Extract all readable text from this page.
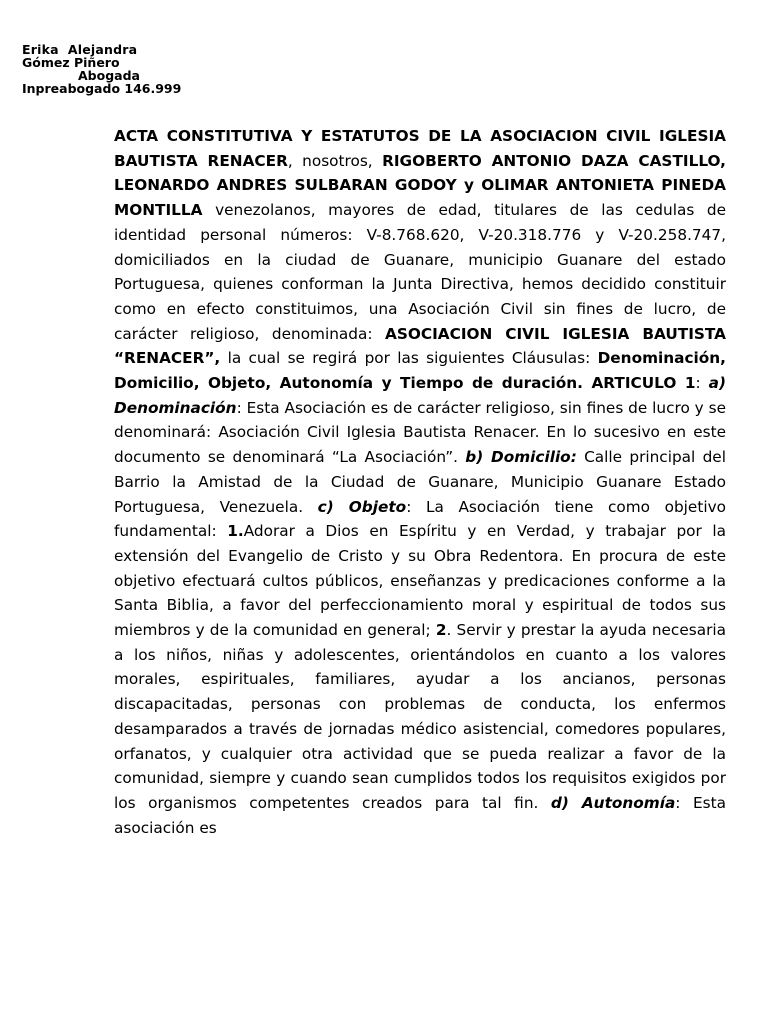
Erika  Alejandra
Gómez Piñero
Abogada
Inpreabogado 146.999
ACTA CONSTITUTIVA Y ESTATUTOS DE LA ASOCIACION CIVIL IGLESIA BAUTISTA RENACER, nosotros, RIGOBERTO ANTONIO DAZA CASTILLO, LEONARDO ANDRES SULBARAN GODOY y OLIMAR ANTONIETA PINEDA MONTILLA venezolanos, mayores de edad, titulares de las cedulas de identidad personal números: V-8.768.620, V-20.318.776 y V-20.258.747, domiciliados en la ciudad de Guanare, municipio Guanare del estado Portuguesa, quienes conforman la Junta Directiva, hemos decidido constituir como en efecto constituimos, una Asociación Civil sin fines de lucro, de carácter religioso, denominada: ASOCIACION CIVIL IGLESIA BAUTISTA “RENACER”, la cual se regirá por las siguientes Cláusulas: Denominación, Domicilio, Objeto, Autonomía y Tiempo de duración. ARTICULO 1: a) Denominación: Esta Asociación es de carácter religioso, sin fines de lucro y se denominará: Asociación Civil Iglesia Bautista Renacer. En lo sucesivo en este documento se denominará “La Asociación”. b) Domicilio: Calle principal del Barrio la Amistad de la Ciudad de Guanare, Municipio Guanare Estado Portuguesa, Venezuela. c) Objeto: La Asociación tiene como objetivo fundamental: 1.Adorar a Dios en Espíritu y en Verdad, y trabajar por la extensión del Evangelio de Cristo y su Obra Redentora. En procura de este objetivo efectuará cultos públicos, enseñanzas y predicaciones conforme a la Santa Biblia, a favor del perfeccionamiento moral y espiritual de todos sus miembros y de la comunidad en general; 2. Servir y prestar la ayuda necesaria a los niños, niñas y adolescentes, orientándolos en cuanto a los valores morales, espirituales, familiares, ayudar a los ancianos, personas discapacitadas, personas con problemas de conducta, los enfermos desamparados a través de jornadas médico asistencial, comedores populares, orfanatos, y cualquier otra actividad que se pueda realizar a favor de la comunidad, siempre y cuando sean cumplidos todos los requisitos exigidos por los organismos competentes creados para tal fin. d) Autonomía: Esta asociación es
